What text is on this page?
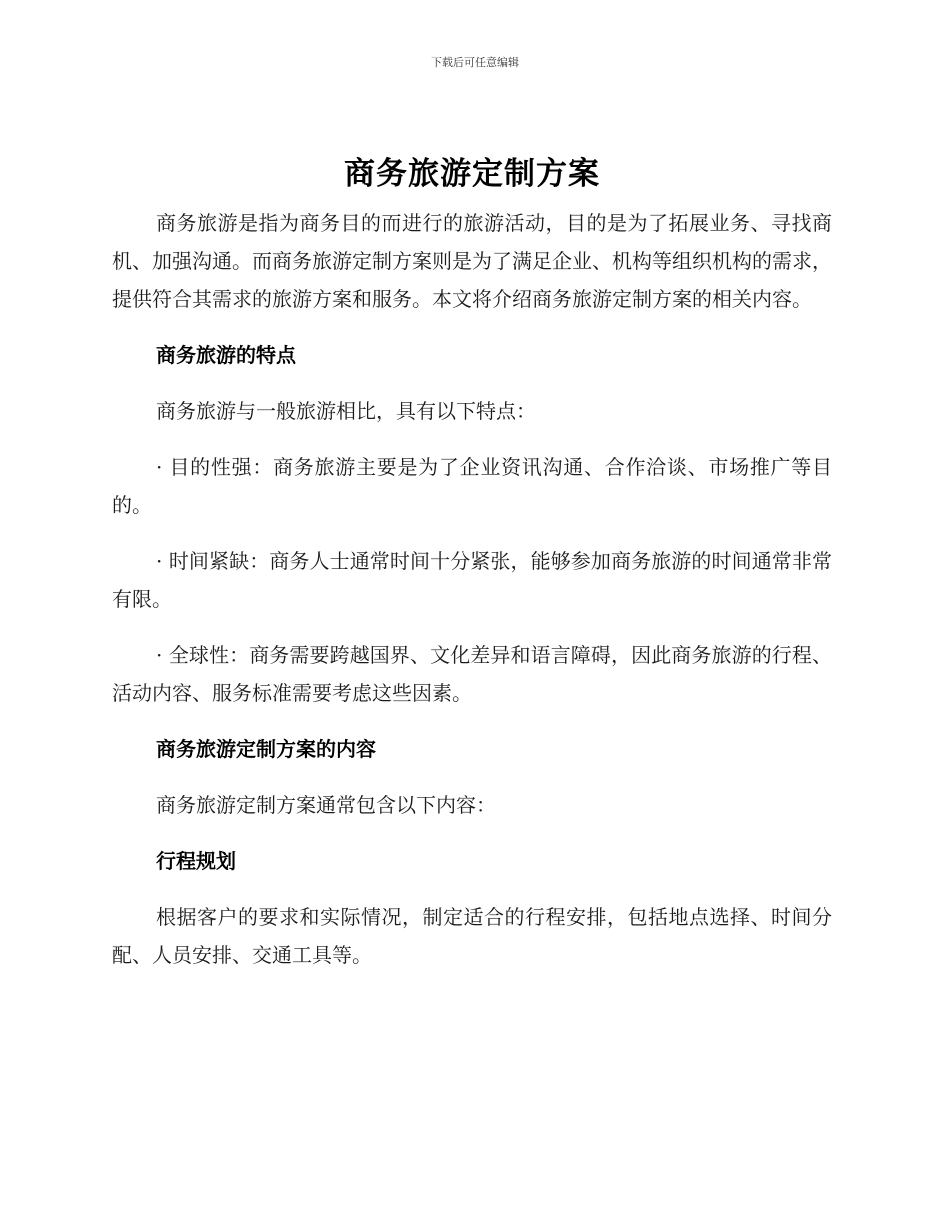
下载后可任意编辑
商务旅游定制方案

商务旅游是指为商务目的而进行的旅游活动，目的是为了拓展业务、寻找商机、加强沟通。而商务旅游定制方案则是为了满足企业、机构等组织机构的需求，提供符合其需求的旅游方案和服务。本文将介绍商务旅游定制方案的相关内容。

商务旅游的特点

商务旅游与一般旅游相比，具有以下特点：

· 目的性强：商务旅游主要是为了企业资讯沟通、合作洽谈、市场推广等目的。

· 时间紧缺：商务人士通常时间十分紧张，能够参加商务旅游的时间通常非常有限。

· 全球性：商务需要跨越国界、文化差异和语言障碍，因此商务旅游的行程、活动内容、服务标准需要考虑这些因素。

商务旅游定制方案的内容

商务旅游定制方案通常包含以下内容：

行程规划

根据客户的要求和实际情况，制定适合的行程安排，包括地点选择、时间分配、人员安排、交通工具等。
